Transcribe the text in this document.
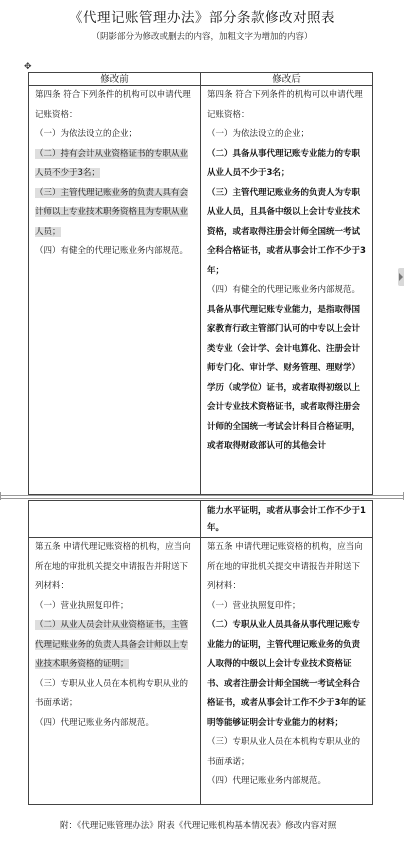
《代理记账管理办法》部分条款修改对照表
（阴影部分为修改或删去的内容，加粗文字为增加的内容）
✥
修改前	修改后

第四条 符合下列条件的机构可以申请代理记账资格：

（一）为依法设立的企业；

（二）持有会计从业资格证书的专职从业人员不少于3名；

（三）主管代理记账业务的负责人具有会计师以上专业技术职务资格且为专职从业人员；

（四）有健全的代理记账业务内部规范。

第四条 符合下列条件的机构可以申请代理记账资格：

（一）为依法设立的企业；

（二）具备从事代理记账专业能力的专职从业人员不少于3名；

（三）主管代理记账业务的负责人为专职从业人员，且具备中级以上会计专业技术资格，或者取得注册会计师全国统一考试全科合格证书，或者从事会计工作不少于3年；

（四）有健全的代理记账业务内部规范。

具备从事代理记账专业能力，是指取得国家教育行政主管部门认可的中专以上会计类专业（会计学、会计电算化、注册会计师专门化、审计学、财务管理、理财学）学历（或学位）证书，或者取得初级以上会计专业技术资格证书，或者取得注册会计师的全国统一考试会计科目合格证明，或者取得财政部认可的其他会计

能力水平证明，或者从事会计工作不少于1年。

第五条 申请代理记账资格的机构，应当向所在地的审批机关提交申请报告并附送下列材料：

（一）营业执照复印件；

（二）从业人员会计从业资格证书，主管代理记账业务的负责人具备会计师以上专业技术职务资格的证明；

（三）专职从业人员在本机构专职从业的书面承诺；

（四）代理记账业务内部规范。

第五条 申请代理记账资格的机构，应当向所在地的审批机关提交申请报告并附送下列材料：

（一）营业执照复印件；

（二）专职从业人员具备从事代理记账专业能力的证明，主管代理记账业务的负责人取得的中级以上会计专业技术资格证书、或者注册会计师全国统一考试全科合格证书，或者从事会计工作不少于3年的证明等能够证明会计专业能力的材料；

（三）专职从业人员在本机构专职从业的书面承诺；

（四）代理记账业务内部规范。

附：《代理记账管理办法》附表《代理记账机构基本情况表》修改内容对照
